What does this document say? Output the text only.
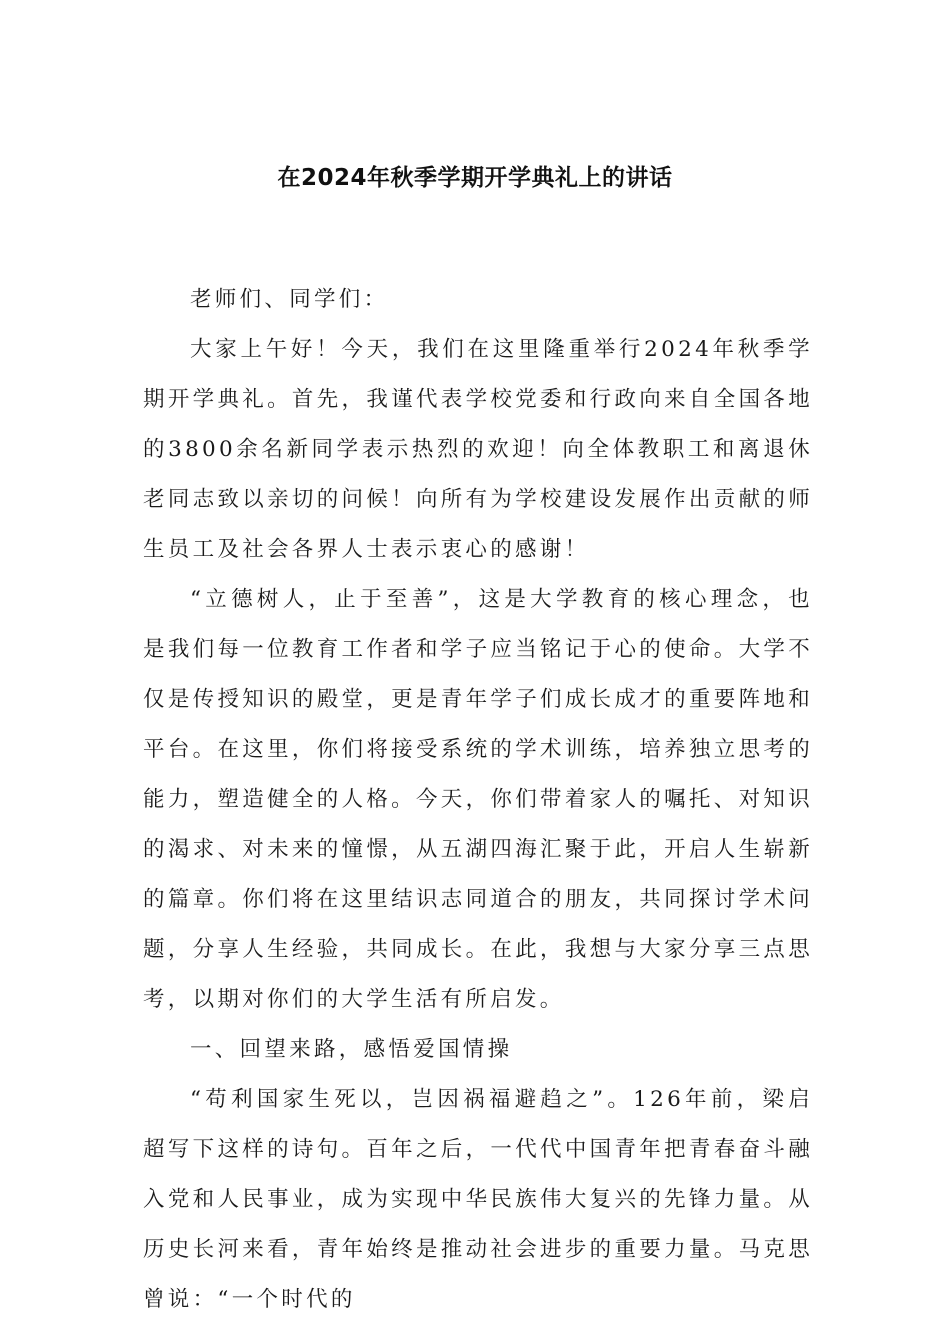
在2024年秋季学期开学典礼上的讲话

老师们、同学们：

大家上午好！今天，我们在这里隆重举行2024年秋季学期开学典礼。首先，我谨代表学校党委和行政向来自全国各地的3800余名新同学表示热烈的欢迎！向全体教职工和离退休老同志致以亲切的问候！向所有为学校建设发展作出贡献的师生员工及社会各界人士表示衷心的感谢！

“立德树人，止于至善”，这是大学教育的核心理念，也是我们每一位教育工作者和学子应当铭记于心的使命。大学不仅是传授知识的殿堂，更是青年学子们成长成才的重要阵地和平台。在这里，你们将接受系统的学术训练，培养独立思考的能力，塑造健全的人格。今天，你们带着家人的嘱托、对知识的渴求、对未来的憧憬，从五湖四海汇聚于此，开启人生崭新的篇章。你们将在这里结识志同道合的朋友，共同探讨学术问题，分享人生经验，共同成长。在此，我想与大家分享三点思考，以期对你们的大学生活有所启发。

一、回望来路，感悟爱国情操

“苟利国家生死以，岂因祸福避趋之”。126年前，梁启超写下这样的诗句。百年之后，一代代中国青年把青春奋斗融入党和人民事业，成为实现中华民族伟大复兴的先锋力量。从历史长河来看，青年始终是推动社会进步的重要力量。马克思曾说：“一个时代的
